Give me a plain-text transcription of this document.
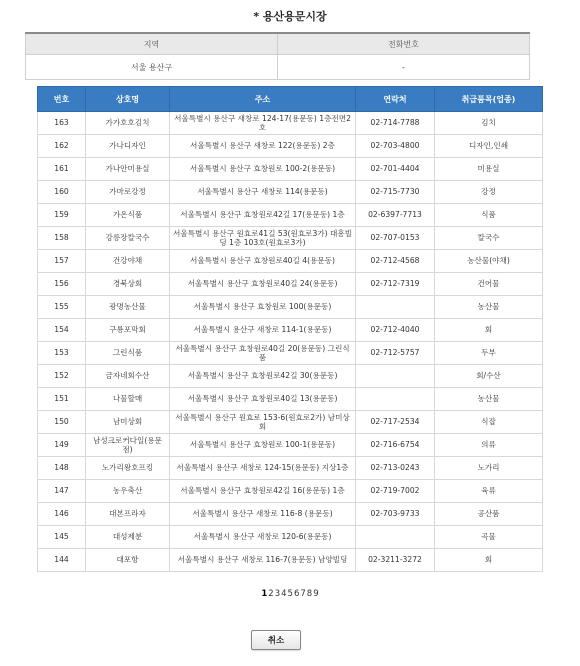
* 용산용문시장
지역	전화번호
서울 용산구	-
번호	상호명	주소	연락처	취급품목(업종)
163	가가호호김치	서울특별시 용산구 새창로 124-17(용문동) 1층전면2호	02-714-7788	김치
162	가나디자인	서울특별시 용산구 새창로 122(용문동) 2층	02-703-4800	디자인,인쇄
161	가나안미용실	서울특별시 용산구 효창원로 100-2(용문동)	02-701-4404	미용실
160	가마로강정	서울특별시 용산구 새창로 114(용문동)	02-715-7730	강정
159	가온식품	서울특별시 용산구 효창원로42길 17(용문동) 1층	02-6397-7713	식품
158	강릉장칼국수	서울특별시 용산구 원효로41길 53(원효로3가) 대흥빌딩 1층 103호(원효로3가)	02-707-0153	칼국수
157	건강야채	서울특별시 용산구 효창원로40길 4(용문동)	02-712-4568	농산물(야채)
156	경북상회	서울특별시 용산구 효창원로40길 24(용문동)	02-712-7319	건어물
155	광명농산물	서울특별시 용산구 효창원로 100(용문동)		농산물
154	구룡포막회	서울특별시 용산구 새창로 114-1(용문동)	02-712-4040	회
153	그린식품	서울특별시 용산구 효창원로40길 20(용문동) 그린식품	02-712-5757	두부
152	금자네회수산	서울특별시 용산구 효창원로42길 30(용문동)		회/수산
151	나물할매	서울특별시 용산구 효창원로40길 13(용문동)		농산물
150	남미상회	서울특별시 용산구 원효로 153-6(원효로2가) 남미상회	02-717-2534	식잡
149	남성크로커다일(용문점)	서울특별시 용산구 효창원로 100-1(용문동)	02-716-6754	의류
148	노가리왕호프킹	서울특별시 용산구 새창로 124-15(용문동) 지상1층	02-713-0243	노가리
147	농우축산	서울특별시 용산구 효창원로42길 16(용문동) 1층	02-719-7002	육류
146	대본프라자	서울특별시 용산구 새창로 116-8 (용문동)	02-703-9733	공산품
145	대성제분	서울특별시 용산구 새창로 120-6(용문동)		곡물
144	대포항	서울특별시 용산구 새창로 116-7(용문동) 남양빌딩	02-3211-3272	회
123456789
취소
